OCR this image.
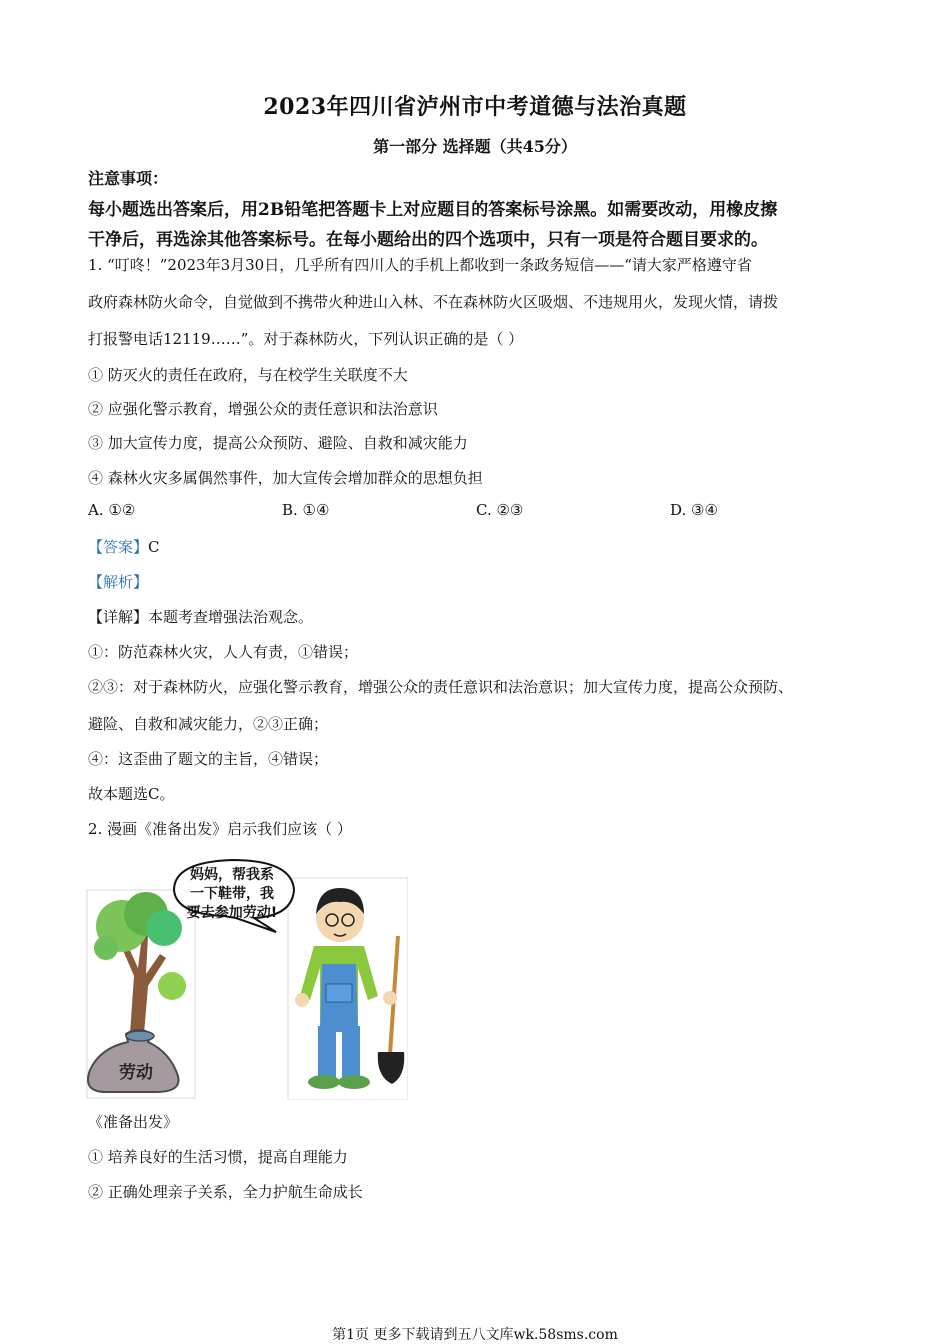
2023年四川省泸州市中考道德与法治真题
第一部分 选择题（共45分）
注意事项：
每小题选出答案后，用2B铅笔把答题卡上对应题目的答案标号涂黑。如需要改动，用橡皮擦
干净后，再选涂其他答案标号。在每小题给出的四个选项中，只有一项是符合题目要求的。
1. “叮咚！”2023年3月30日，几乎所有四川人的手机上都收到一条政务短信——“请大家严格遵守省
政府森林防火命令，自觉做到不携带火种进山入林、不在森林防火区吸烟、不违规用火，发现火情，请拨
打报警电话12119……”。对于森林防火，下列认识正确的是（ ）
① 防灭火的责任在政府，与在校学生关联度不大
② 应强化警示教育，增强公众的责任意识和法治意识
③ 加大宣传力度，提高公众预防、避险、自救和减灾能力
④ 森林火灾多属偶然事件，加大宣传会增加群众的思想负担
A. ①②	B. ①④	C. ②③	D. ③④
【答案】C
【解析】
【详解】本题考查增强法治观念。
①：防范森林火灾，人人有责，①错误；
②③：对于森林防火，应强化警示教育，增强公众的责任意识和法治意识；加大宣传力度，提高公众预防、
避险、自救和减灾能力，②③正确；
④：这歪曲了题文的主旨，④错误；
故本题选C。
2. 漫画《准备出发》启示我们应该（ ）
劳动
妈妈，帮我系
一下鞋带，我
要去参加劳动!
《准备出发》
① 培养良好的生活习惯，提高自理能力
② 正确处理亲子关系，全力护航生命成长
第1页 更多下载请到五八文库wk.58sms.com
